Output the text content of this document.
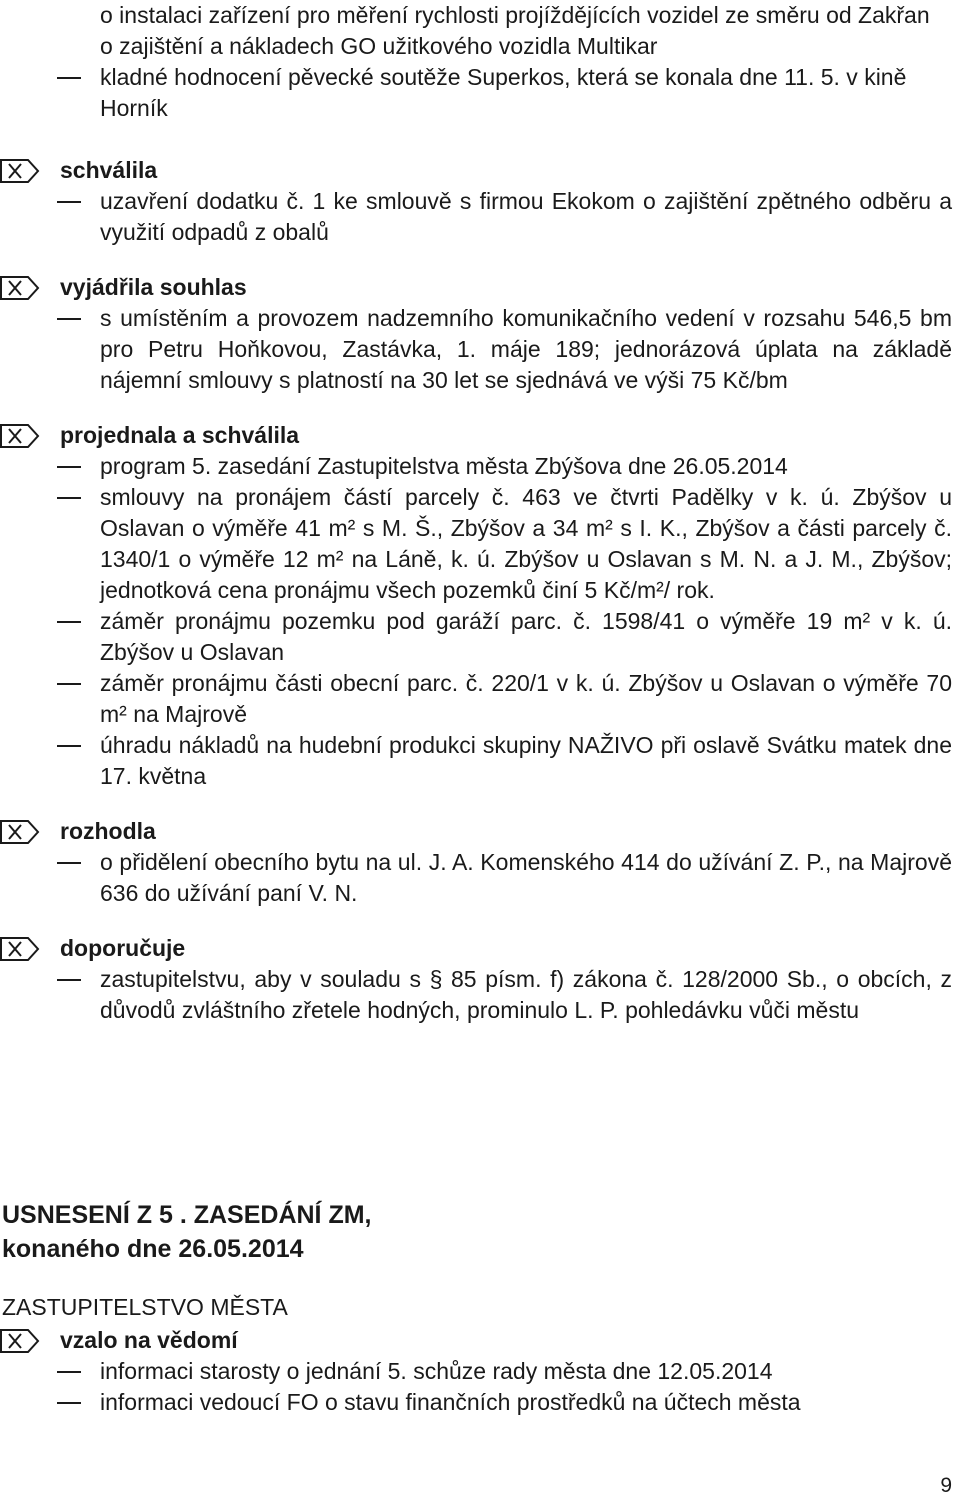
o instalaci zařízení pro měření rychlosti projíždějících vozidel ze směru od Zakřan
o zajištění a nákladech GO užitkového vozidla Multikar
kladné hodnocení pěvecké soutěže Superkos, která se konala dne 11. 5. v kině Horník
schválila
uzavření dodatku č. 1 ke smlouvě s firmou Ekokom o zajištění zpětného odběru a využití odpadů z obalů
vyjádřila souhlas
s umístěním a provozem nadzemního komunikačního vedení v rozsahu 546,5 bm pro Petru Hoňkovou, Zastávka, 1. máje 189; jednorázová úplata na základě nájemní smlouvy s platností na 30 let se sjednává ve výši 75 Kč/bm
projednala a schválila
program 5. zasedání Zastupitelstva města Zbýšova dne 26.05.2014
smlouvy na pronájem částí parcely č. 463 ve čtvrti Padělky v k. ú. Zbýšov u Oslavan o výměře 41 m² s M. Š., Zbýšov a 34 m² s I. K., Zbýšov a části parcely č. 1340/1 o výměře 12 m² na Láně, k. ú. Zbýšov u Oslavan s M. N. a J. M., Zbýšov; jednotková cena pronájmu všech pozemků činí 5 Kč/m²/ rok.
záměr pronájmu pozemku pod garáží parc. č. 1598/41 o výměře 19 m² v k. ú. Zbýšov u Oslavan
záměr pronájmu části obecní parc. č. 220/1 v k. ú. Zbýšov u Oslavan o výměře 70 m² na Majrově
úhradu nákladů na hudební produkci skupiny NAŽIVO při oslavě Svátku matek dne 17. května
rozhodla
o přidělení obecního bytu na ul. J. A. Komenského 414 do užívání Z. P., na Majrově 636 do užívání paní V. N.
doporučuje
zastupitelstvu, aby v souladu s § 85 písm. f) zákona č. 128/2000 Sb., o obcích, z důvodů zvláštního zřetele hodných, prominulo L. P. pohledávku vůči městu
USNESENÍ Z 5 . ZASEDÁNÍ ZM,
konaného dne 26.05.2014
ZASTUPITELSTVO MĚSTA
vzalo na vědomí
informaci starosty o jednání 5. schůze rady města dne 12.05.2014
informaci vedoucí FO o stavu finančních prostředků na účtech města
9
